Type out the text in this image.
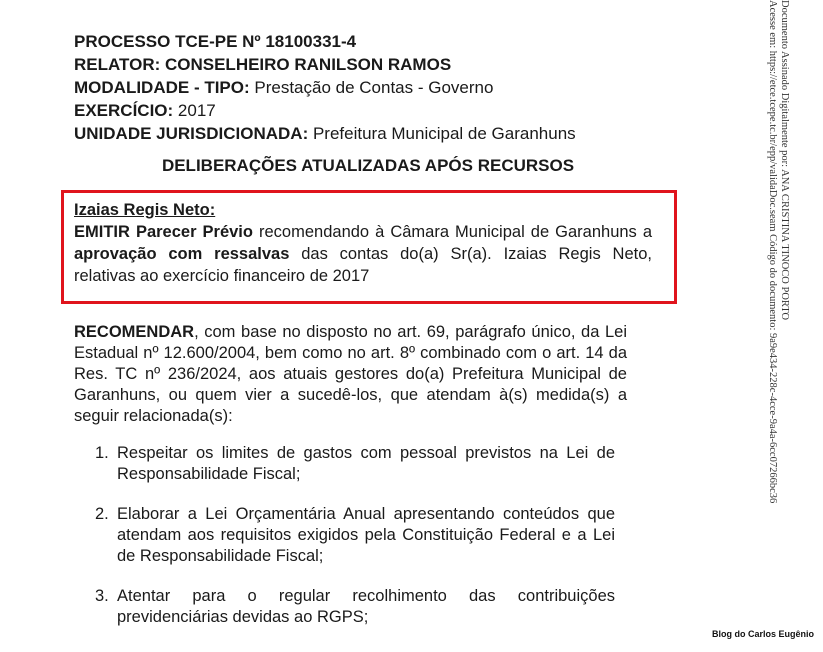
PROCESSO TCE-PE Nº 18100331-4
RELATOR: CONSELHEIRO RANILSON RAMOS
MODALIDADE - TIPO: Prestação de Contas - Governo
EXERCÍCIO: 2017
UNIDADE JURISDICIONADA: Prefeitura Municipal de Garanhuns
DELIBERAÇÕES ATUALIZADAS APÓS RECURSOS
Izaias Regis Neto:
EMITIR Parecer Prévio recomendando à Câmara Municipal de Garanhuns a aprovação com ressalvas das contas do(a) Sr(a). Izaias Regis Neto, relativas ao exercício financeiro de 2017
RECOMENDAR, com base no disposto no art. 69, parágrafo único, da Lei Estadual nº 12.600/2004, bem como no art. 8º combinado com o art. 14 da Res. TC nº 236/2024, aos atuais gestores do(a) Prefeitura Municipal de Garanhuns, ou quem vier a sucedê-los, que atendam à(s) medida(s) a seguir relacionada(s):
1. Respeitar os limites de gastos com pessoal previstos na Lei de Responsabilidade Fiscal;
2. Elaborar a Lei Orçamentária Anual apresentando conteúdos que atendam aos requisitos exigidos pela Constituição Federal e a Lei de Responsabilidade Fiscal;
3. Atentar para o regular recolhimento das contribuições previdenciárias devidas ao RGPS;
Documento Assinado Digitalmente por: ANA CRISTINA TINOCO PORTO
Acesse em: https://etce.tcepe.tc.br/epp/validaDoc.seam Código do documento: 9a9e434-228c-4cce-9a4a-6cc07266bc36
Blog do Carlos Eugênio
